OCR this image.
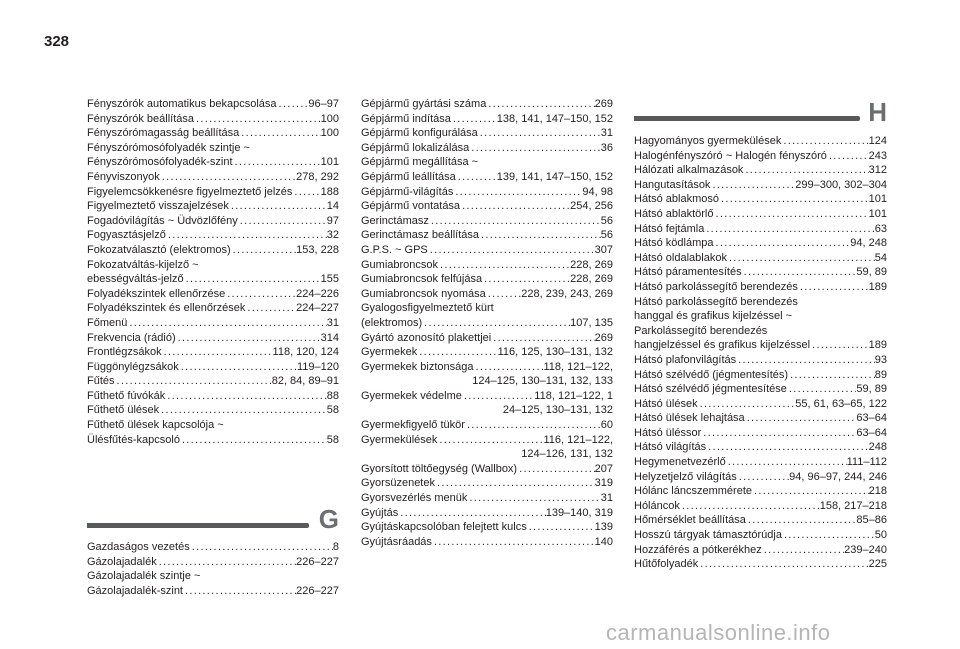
328
Fényszórók automatikus bekapcsolása .....	96–97
Fényszórók beállítása .....	100
Fényszórómagasság beállítása .....	100
Fényszórómosófolyadék szintje ~
Fényszórómosófolyadék-szint .....	101
Fényviszonyok .....	278, 292
Figyelemcsökkenésre figyelmeztető jelzés .....	188
Figyelmeztető visszajelzések .....	14
Fogadóvilágítás ~ Üdvözlőfény .....	97
Fogyasztásjelző .....	32
Fokozatválasztó (elektromos) .....	153, 228
Fokozatváltás-kijelző ~
ebességváltás-jelző .....	155
Folyadékszintek ellenőrzése .....	224–226
Folyadékszintek és ellenőrzések .....	224–227
Főmenü .....	31
Frekvencia (rádió) .....	314
Frontlégzsákok .....	118, 120, 124
Függönylégzsákok .....	119–120
Fűtés .....	82, 84, 89–91
Fűthető fúvókák .....	88
Fűthető ülések .....	58
Fűthető ülések kapcsolója ~
Ülésfűtés-kapcsoló .....	58
G
Gazdaságos vezetés .....	8
Gázolajadalék .....	226–227
Gázolajadalék szintje ~
Gázolajadalék-szint .....	226–227
Gépjármű gyártási száma .....	269
Gépjármű indítása .....	138, 141, 147–150, 152
Gépjármű konfigurálása .....	31
Gépjármű lokalizálása .....	36
Gépjármű megállítása ~
Gépjármű leállítása .....	139, 141, 147–150, 152
Gépjármű-világítás .....	94, 98
Gépjármű vontatása .....	254, 256
Gerinctámasz .....	56
Gerinctámasz beállítása .....	56
G.P.S. ~ GPS .....	307
Gumiabroncsok .....	228, 269
Gumiabroncsok felfújása .....	228, 269
Gumiabroncsok nyomása .....	228, 239, 243, 269
Gyalogosfigyelmeztető kürt
(elektromos) .....	107, 135
Gyártó azonosító plakettjei .....	269
Gyermekek .....	116, 125, 130–131, 132
Gyermekek biztonsága .....	118, 121–122,
124–125, 130–131, 132, 133
Gyermekek védelme .....	118, 121–122, 1
24–125, 130–131, 132
Gyermekfigyelő tükör .....	60
Gyermekülések .....	116, 121–122,
124–126, 131, 132
Gyorsított töltőegység (Wallbox) .....	207
Gyorsüzenetek .....	319
Gyorsvezérlés menük .....	31
Gyújtás .....	139–140, 319
Gyújtáskapcsolóban felejtett kulcs .....	139
Gyújtásráadás .....	140
H
Hagyományos gyermekülések .....	124
Halogénfényszóró ~ Halogén fényszóró .....	243
Hálózati alkalmazások .....	312
Hangutasítások .....	299–300, 302–304
Hátsó ablakmosó .....	101
Hátsó ablaktörlő .....	101
Hátsó fejtámla .....	63
Hátsó ködlámpa .....	94, 248
Hátsó oldalablakok .....	54
Hátsó páramentesítés .....	59, 89
Hátsó parkolássegítő berendezés .....	189
Hátsó parkolássegítő berendezés
hanggal és grafikus kijelzéssel ~
Parkolássegítő berendezés
hangjelzéssel és grafikus kijelzéssel .....	189
Hátsó plafonvilágítás .....	93
Hátsó szélvédő (jégmentesítés) .....	89
Hátsó szélvédő jégmentesítése .....	59, 89
Hátsó ülések .....	55, 61, 63–65, 122
Hátsó ülések lehajtása .....	63–64
Hátsó üléssor .....	63–64
Hátsó világítás .....	248
Hegymenetvezérlő .....	111–112
Helyzetjelző világítás .....	94, 96–97, 244, 246
Hólánc láncszemmérete .....	218
Hóláncok .....	158, 217–218
Hőmérséklet beállítása .....	85–86
Hosszú tárgyak támasztórúdja .....	50
Hozzáférés a pótkerékhez .....	239–240
Hűtőfolyadék .....	225
carmanualsonline.info
